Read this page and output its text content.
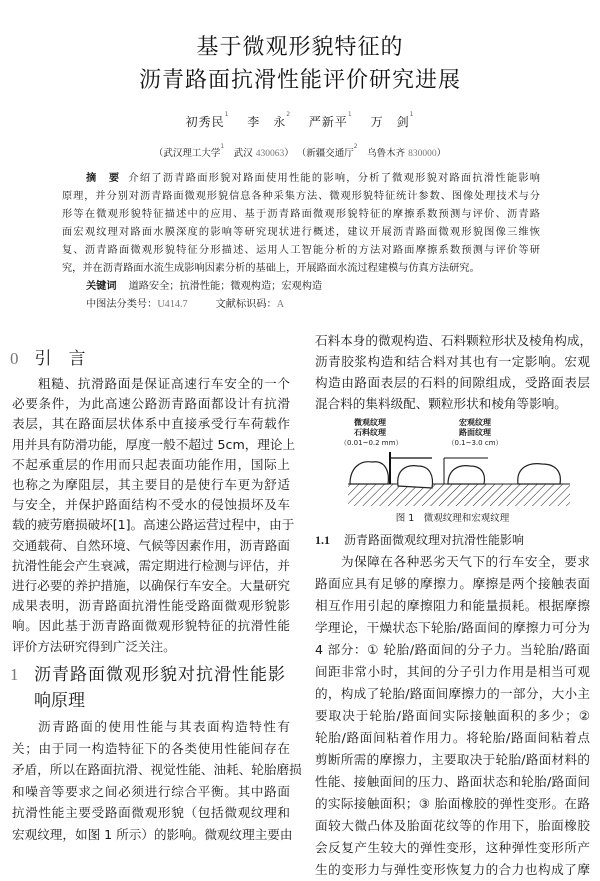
基于微观形貌特征的
沥青路面抗滑性能评价研究进展
初秀民$^1$  李　永$^2$  严新平$^1$  万　剑$^1$
（武汉理工大学$^1$　武汉 430063） （新疆交通厅$^2$　乌鲁木齐 830000）
摘　要 介绍了沥青路面形貌对路面使用性能的影响，分析了微观形貌对路面抗滑性能影响
原理，并分别对沥青路面微观形貌信息各种采集方法、微观形貌特征统计参数、图像处理技术与分
形等在微观形貌特征描述中的应用、基于沥青路面微观形貌特征的摩擦系数预测与评价、沥青路
面宏观纹理对路面水膜深度的影响等研究现状进行概述，建议开展沥青路面微观形貌图像三维恢
复、沥青路面微观形貌特征分形描述、运用人工智能分析的方法对路面摩擦系数预测与评价等研
究，并在沥青路面水流生成影响因素分析的基础上，开展路面水流过程建模与仿真方法研究。
关键词 道路安全；抗滑性能；微观构造；宏观构造
中图法分类号：U414.7	文献标识码：A
0 引　言
粗糙、抗滑路面是保证高速行车安全的一个
必要条件，为此高速公路沥青路面都设计有抗滑
表层，其在路面层状体系中直接承受行车荷载作
用并具有防滑功能，厚度一般不超过 5cm，理论上
不起承重层的作用而只起表面功能作用，国际上
也称之为摩阻层，其主要目的是使行车更为舒适
与安全，并保护路面结构不受水的侵蚀损坏及车
载的疲劳磨损破坏[1]。高速公路运营过程中，由于
交通载荷、自然环境、气候等因素作用，沥青路面
抗滑性能会产生衰减，需定期进行检测与评估，并
进行必要的养护措施，以确保行车安全。大量研究
成果表明，沥青路面抗滑性能受路面微观形貌影
响。因此基于沥青路面微观形貌特征的抗滑性能
评价方法研究得到广泛关注。
1 沥青路面微观形貌对抗滑性能影
响原理
沥青路面的使用性能与其表面构造特性有
关；由于同一构造特征下的各类使用性能间存在
矛盾，所以在路面抗滑、视觉性能、油耗、轮胎磨损
和噪音等要求之间必须进行综合平衡。其中路面
抗滑性能主要受路面微观形貌（包括微观纹理和
宏观纹理，如图 1 所示）的影响。微观纹理主要由
石料本身的微观构造、石料颗粒形状及棱角构成，
沥青胶浆构造和结合料对其也有一定影响。宏观
构造由路面表层的石料的间隙组成，受路面表层
混合料的集料级配、颗粒形状和棱角等影响。
微观纹理
石料纹理
（0.01~0.2 mm）
宏观纹理
路面纹理
（0.1~3.0 cm）
图 1　微观纹理和宏观纹理
1.1 沥青路面微观纹理对抗滑性能影响
为保障在各种恶劣天气下的行车安全，要求
路面应具有足够的摩擦力。摩擦是两个接触表面
相互作用引起的摩擦阻力和能量损耗。根据摩擦
学理论，干燥状态下轮胎/路面间的摩擦力可分为
4 部分：① 轮胎/路面间的分子力。当轮胎/路面
间距非常小时，其间的分子引力作用是相当可观
的，构成了轮胎/路面间摩擦力的一部分，大小主
要取决于轮胎/路面间实际接触面积的多少；②
轮胎/路面间粘着作用力。将轮胎/路面间粘着点
剪断所需的摩擦力，主要取决于轮胎/路面材料的
性能、接触面间的压力、路面状态和轮胎/路面间
的实际接触面积；③ 胎面橡胶的弹性变形。在路
面较大微凸体及胎面花纹等的作用下，胎面橡胶
会反复产生较大的弹性变形，这种弹性变形所产
生的变形力与弹性变形恢复力的合力也构成了摩
